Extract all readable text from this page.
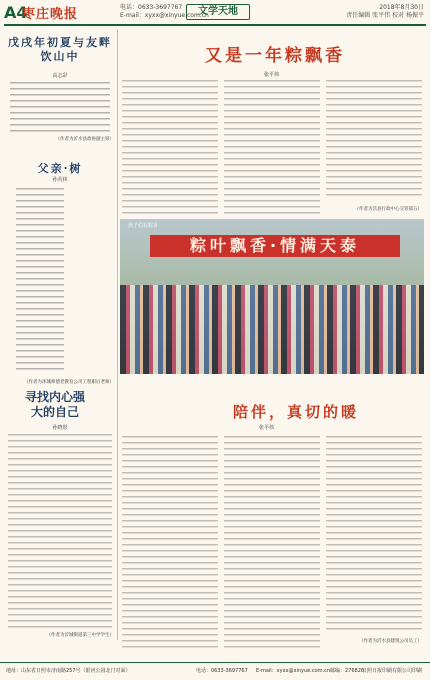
A4
枣庄晚报	电话：0633-3697767
E-mail：xyxx@xinyue.com.cn
文学天地	2018年8月30日
责任编辑 张平伟 校对 杨振平
戊戌年初夏与友畔饮山中
高志彩
（作者为沂水县政协副主席）
父亲·树
孙芮林
（作者为沭城师德老教育公司工程职后老师）
寻找内心强大的自己
孙晓彤
（作者为沂城街道第三中学学生）
又是一年粽飘香
张平伟
（作者为莒县行政中心交管部五）
粽叶飘香·情满天泰
孩子们在粽香
陪伴，真切的暖
张平伟
（作者为沂水县建筑公司员工）
地址：山东省日照市济南路257号（银河公园北门对面）	电话：0633-3697767 E-mail：xyxx@xinyue.com.cn 邮编：276826
日照日报印刷有限公司印刷
